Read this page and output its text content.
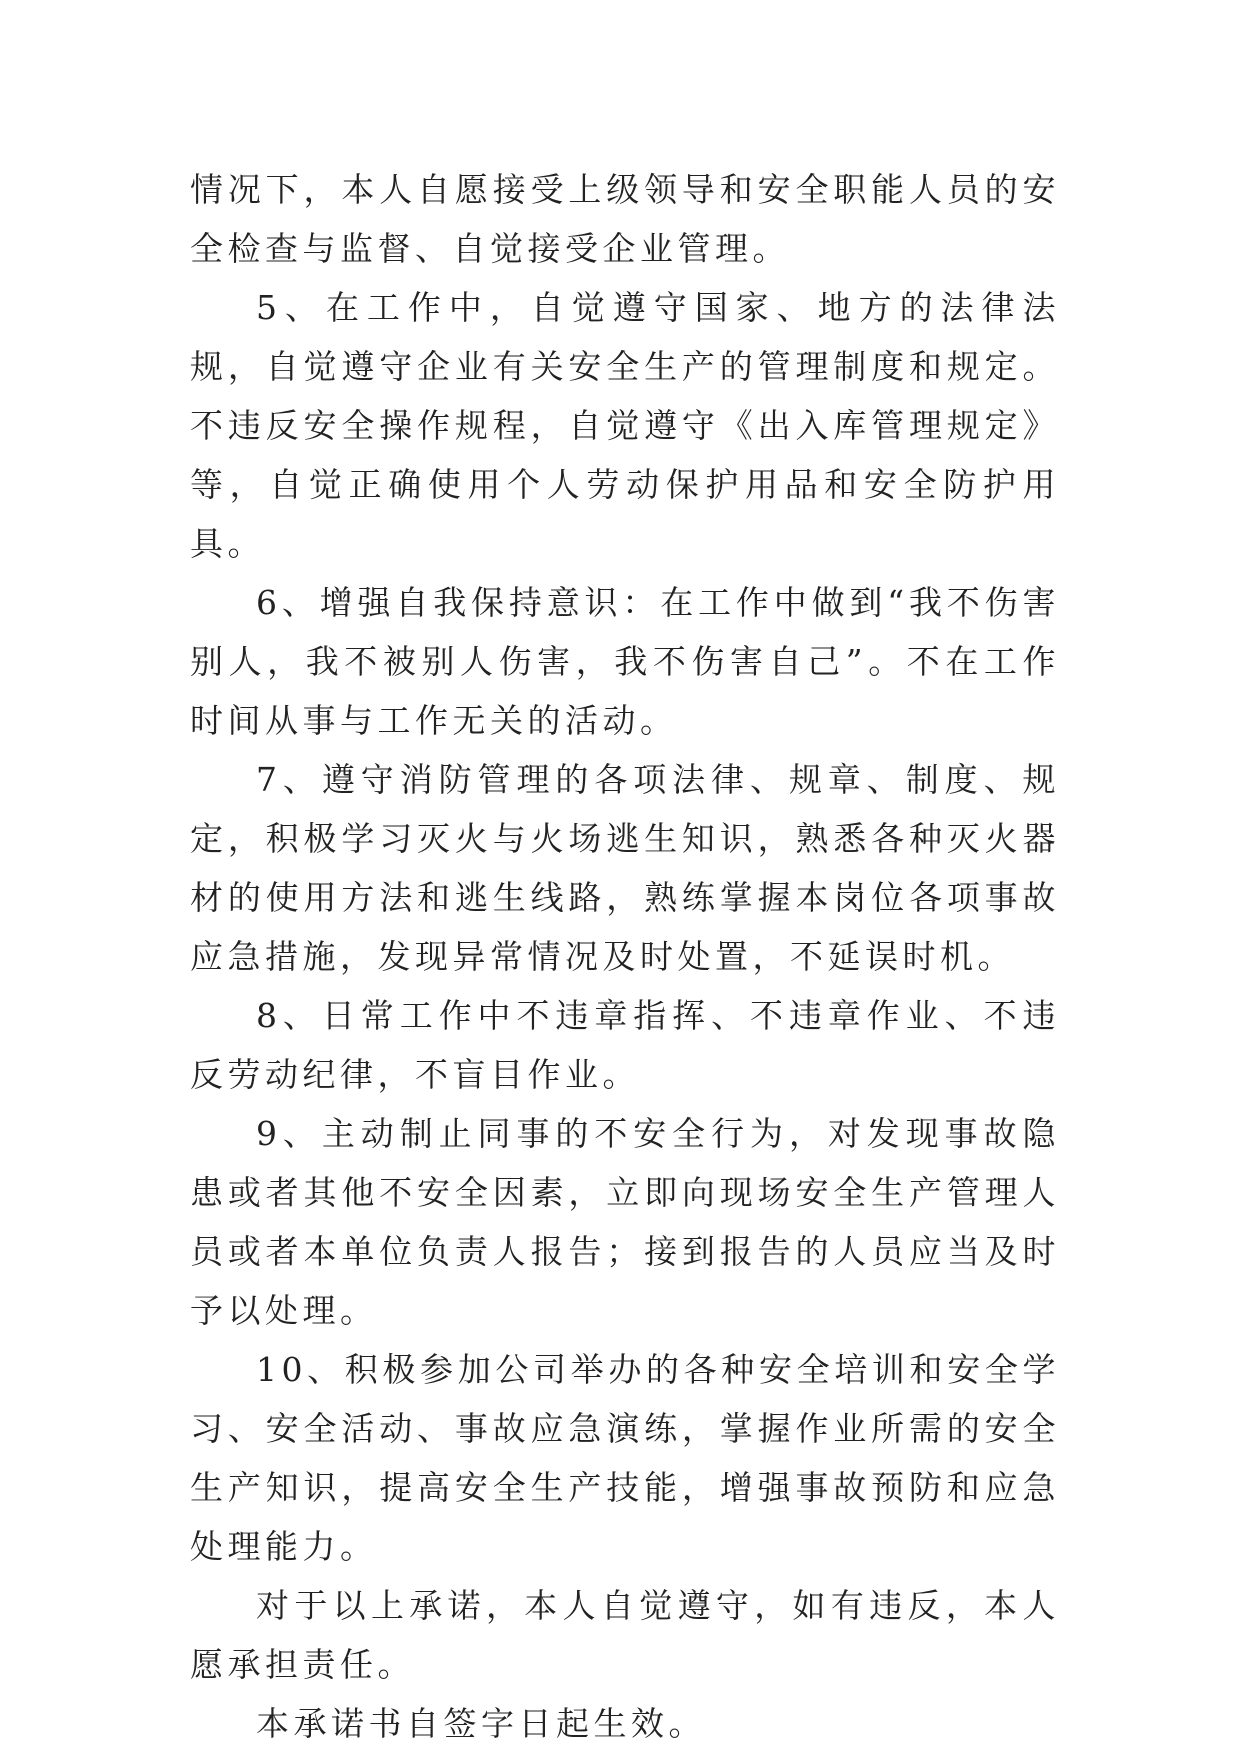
情况下，本人自愿接受上级领导和安全职能人员的安全检查与监督、自觉接受企业管理。

5、在工作中，自觉遵守国家、地方的法律法规，自觉遵守企业有关安全生产的管理制度和规定。不违反安全操作规程，自觉遵守《出入库管理规定》等，自觉正确使用个人劳动保护用品和安全防护用具。

6、增强自我保持意识：在工作中做到“我不伤害别人，我不被别人伤害，我不伤害自己”。不在工作时间从事与工作无关的活动。

7、遵守消防管理的各项法律、规章、制度、规定，积极学习灭火与火场逃生知识，熟悉各种灭火器材的使用方法和逃生线路，熟练掌握本岗位各项事故应急措施，发现异常情况及时处置，不延误时机。

8、日常工作中不违章指挥、不违章作业、不违反劳动纪律，不盲目作业。

9、主动制止同事的不安全行为，对发现事故隐患或者其他不安全因素，立即向现场安全生产管理人员或者本单位负责人报告；接到报告的人员应当及时予以处理。

10、积极参加公司举办的各种安全培训和安全学习、安全活动、事故应急演练，掌握作业所需的安全生产知识，提高安全生产技能，增强事故预防和应急处理能力。

对于以上承诺，本人自觉遵守，如有违反，本人愿承担责任。

本承诺书自签字日起生效。
